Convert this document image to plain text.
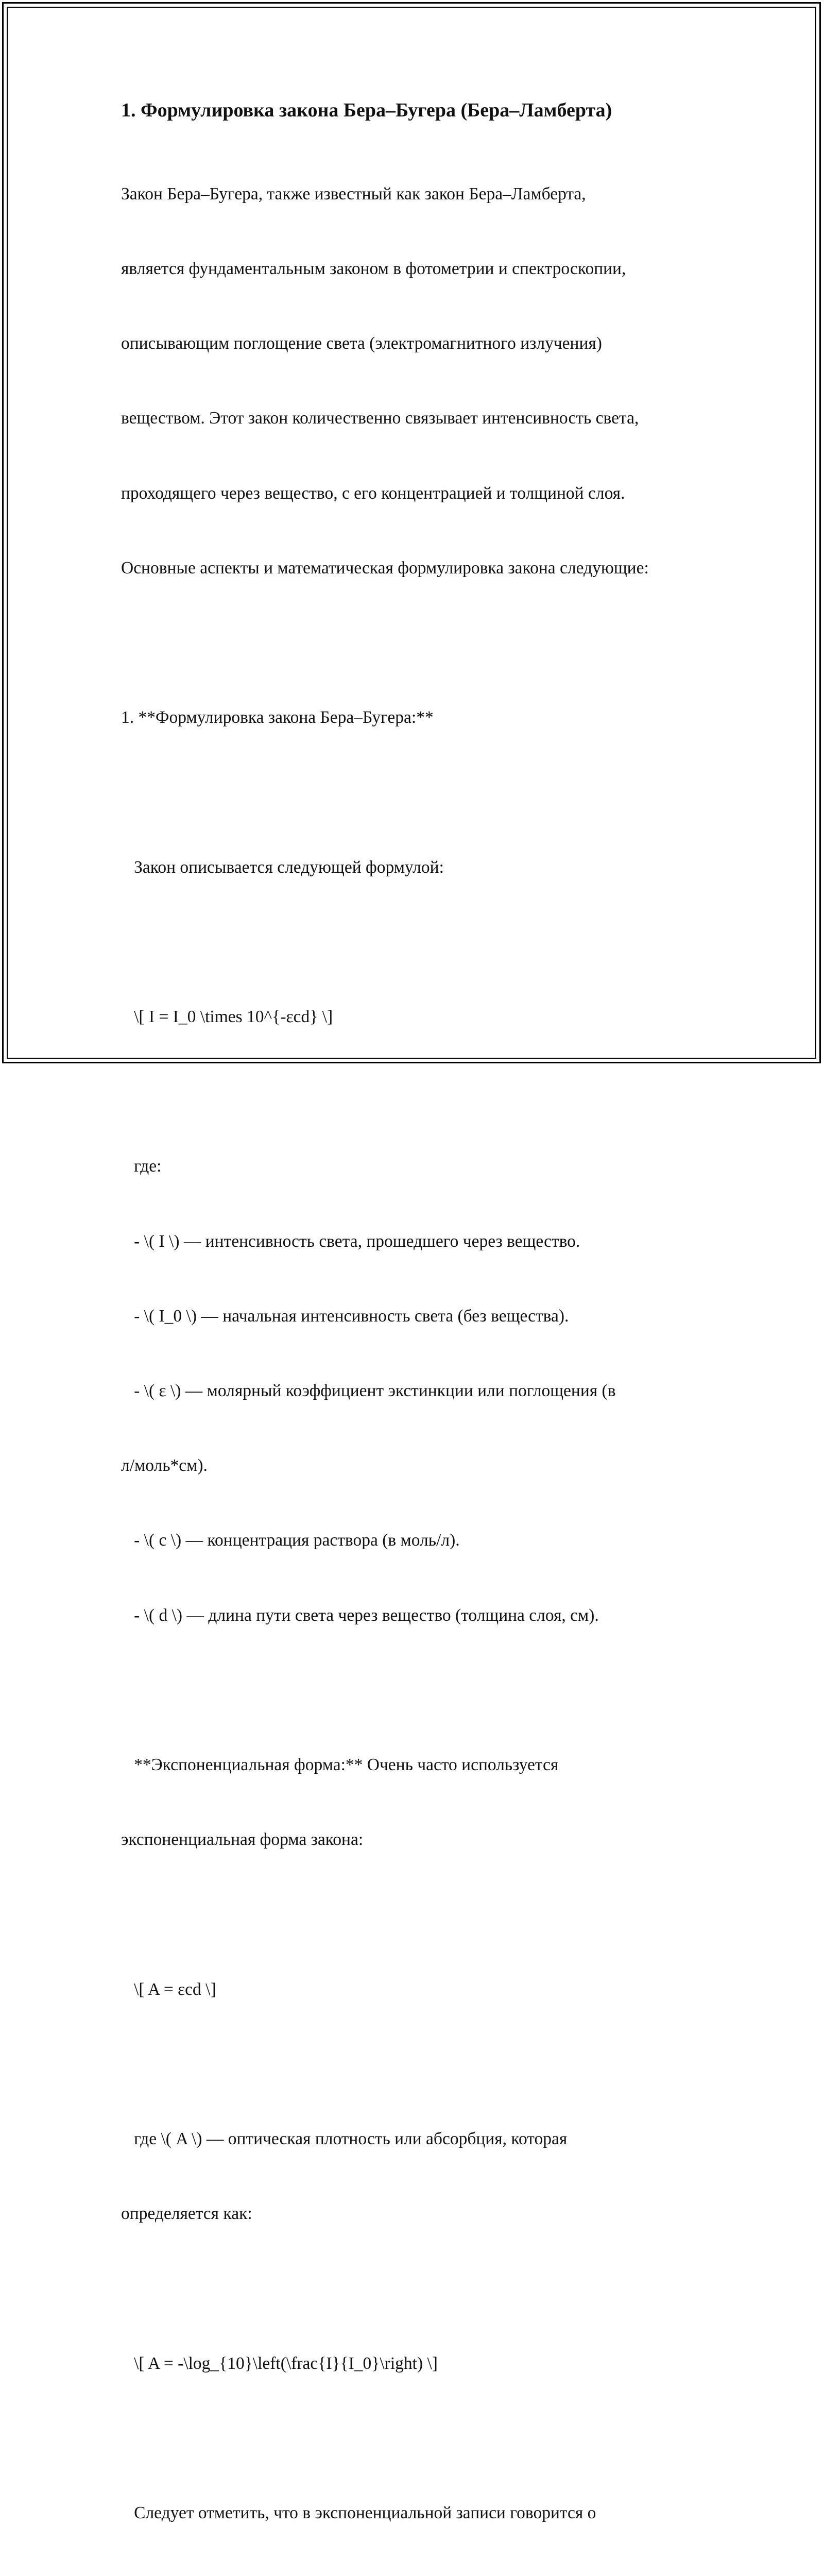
1. Формулировка закона Бера–Бугера (Бера–Ламберта)

Закон Бера–Бугера, также известный как закон Бера–Ламберта,

является фундаментальным законом в фотометрии и спектроскопии,

описывающим поглощение света (электромагнитного излучения)

веществом. Этот закон количественно связывает интенсивность света,

проходящего через вещество, с его концентрацией и толщиной слоя.

Основные аспекты и математическая формулировка закона следующие:

1. **Формулировка закона Бера–Бугера:**

Закон описывается следующей формулой:

\[ I = I_0 \times 10^{-εcd} \]

где:

- \( I \) — интенсивность света, прошедшего через вещество.

- \( I_0 \) — начальная интенсивность света (без вещества).

- \( ε \) — молярный коэффициент экстинкции или поглощения (в

л/моль*см).

- \( c \) — концентрация раствора (в моль/л).

- \( d \) — длина пути света через вещество (толщина слоя, см).

**Экспоненциальная форма:** Очень часто используется

экспоненциальная форма закона:

\[ A = εcd \]

где \( A \) — оптическая плотность или абсорбция, которая

определяется как:

\[ A = -\log_{10}\left(\frac{I}{I_0}\right) \]

Следует отметить, что в экспоненциальной записи говорится о
